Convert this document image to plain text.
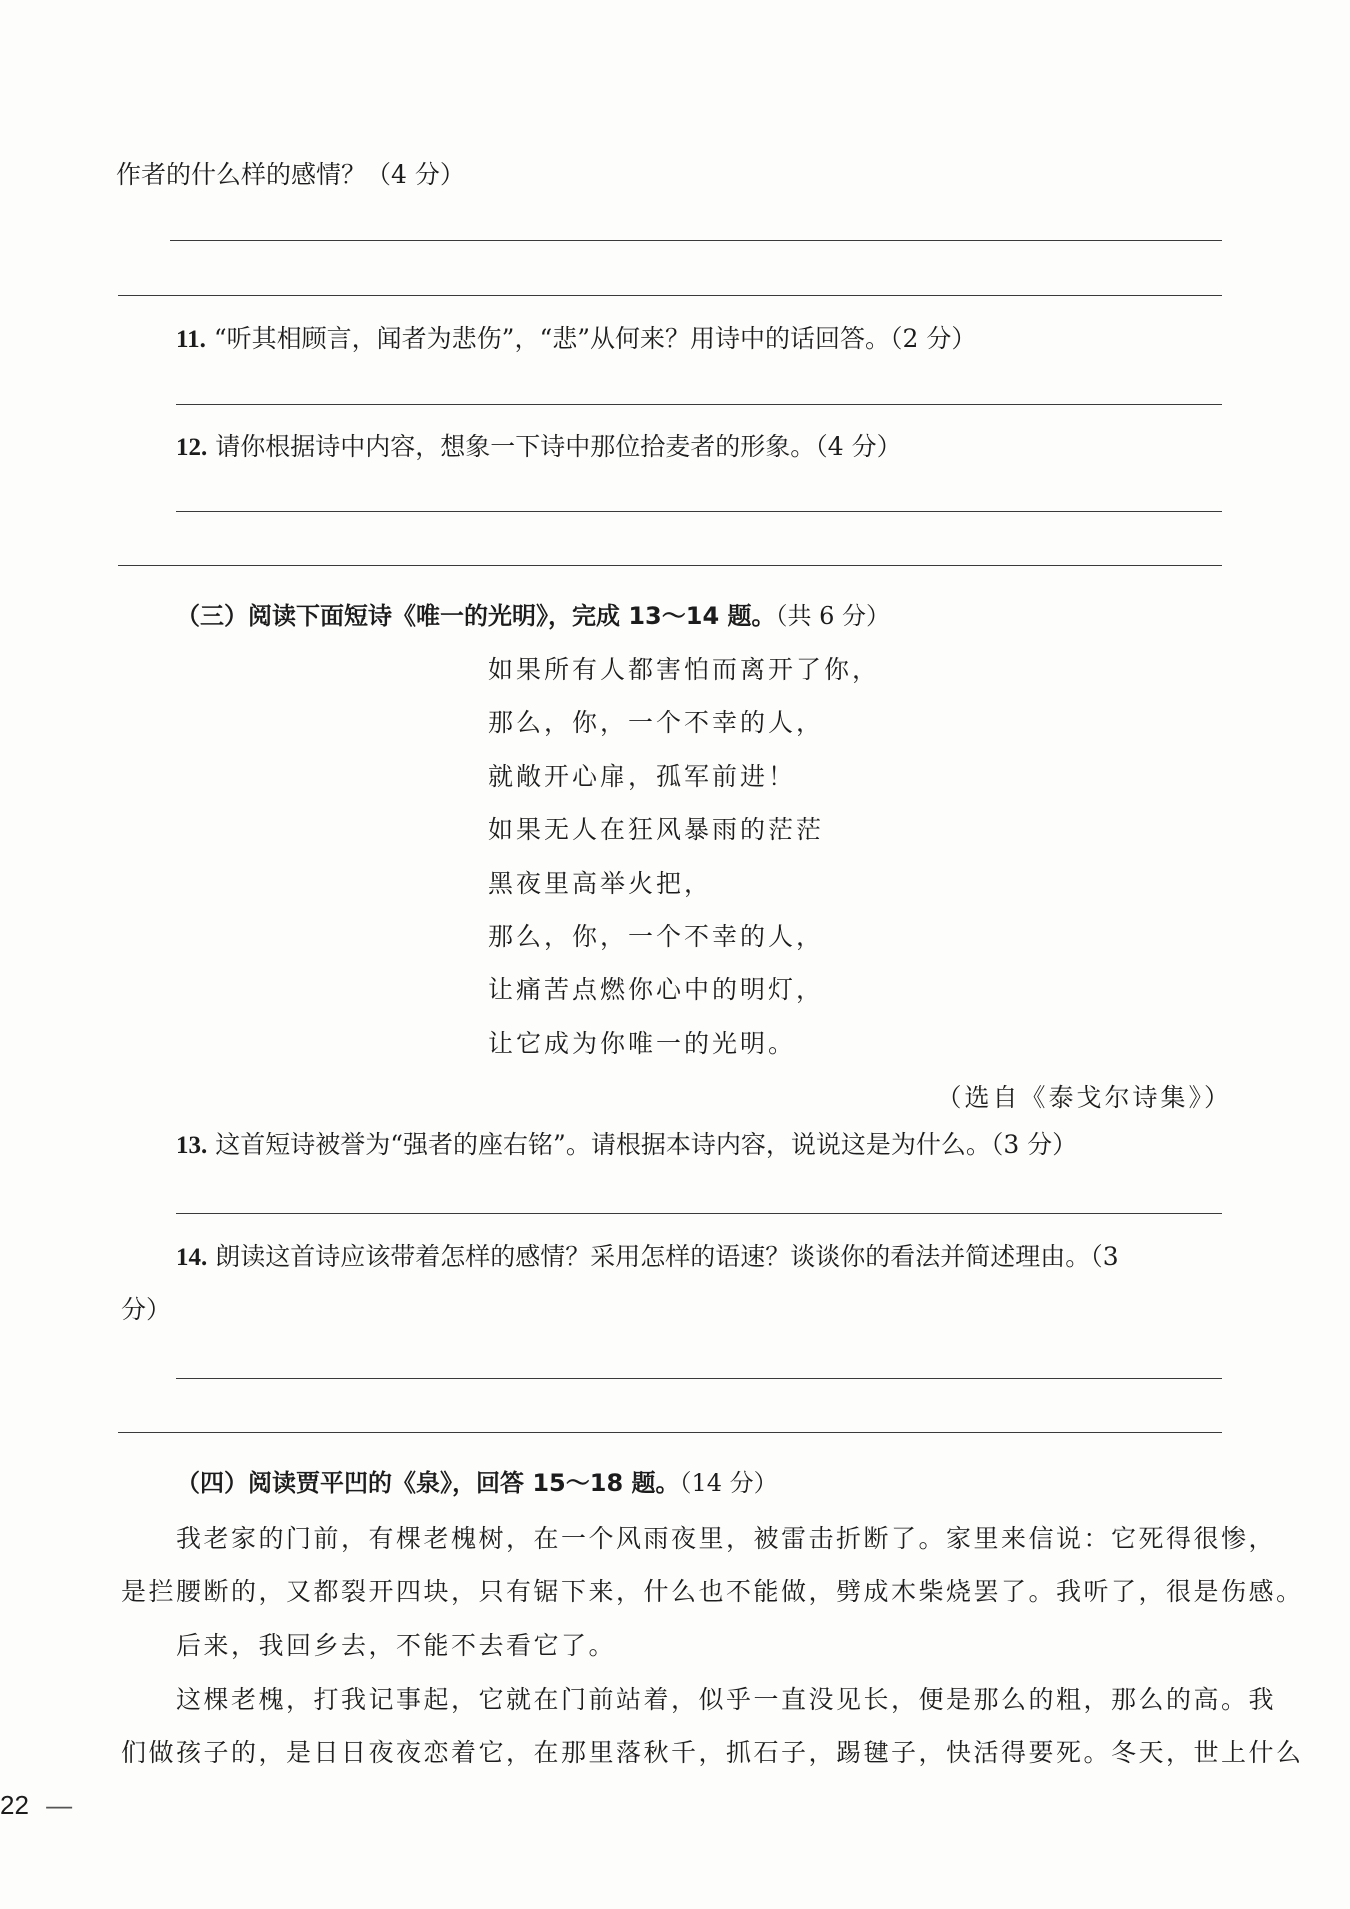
作者的什么样的感情？（4 分）
11. “听其相顾言，闻者为悲伤”，“悲”从何来？用诗中的话回答。（2 分）
12. 请你根据诗中内容，想象一下诗中那位拾麦者的形象。（4 分）
（三）阅读下面短诗《唯一的光明》，完成 13～14 题。（共 6 分）
如果所有人都害怕而离开了你，
那么，你，一个不幸的人，
就敞开心扉，孤军前进！
如果无人在狂风暴雨的茫茫
黑夜里高举火把，
那么，你，一个不幸的人，
让痛苦点燃你心中的明灯，
让它成为你唯一的光明。
（选自《泰戈尔诗集》）
13. 这首短诗被誉为“强者的座右铭”。请根据本诗内容，说说这是为什么。（3 分）
14. 朗读这首诗应该带着怎样的感情？采用怎样的语速？谈谈你的看法并简述理由。（3
分）
（四）阅读贾平凹的《泉》，回答 15～18 题。（14 分）
我老家的门前，有棵老槐树，在一个风雨夜里，被雷击折断了。家里来信说：它死得很惨，
是拦腰断的，又都裂开四块，只有锯下来，什么也不能做，劈成木柴烧罢了。我听了，很是伤感。
后来，我回乡去，不能不去看它了。
这棵老槐，打我记事起，它就在门前站着，似乎一直没见长，便是那么的粗，那么的高。我
们做孩子的，是日日夜夜恋着它，在那里落秋千，抓石子，踢毽子，快活得要死。冬天，世上什么
22 —
